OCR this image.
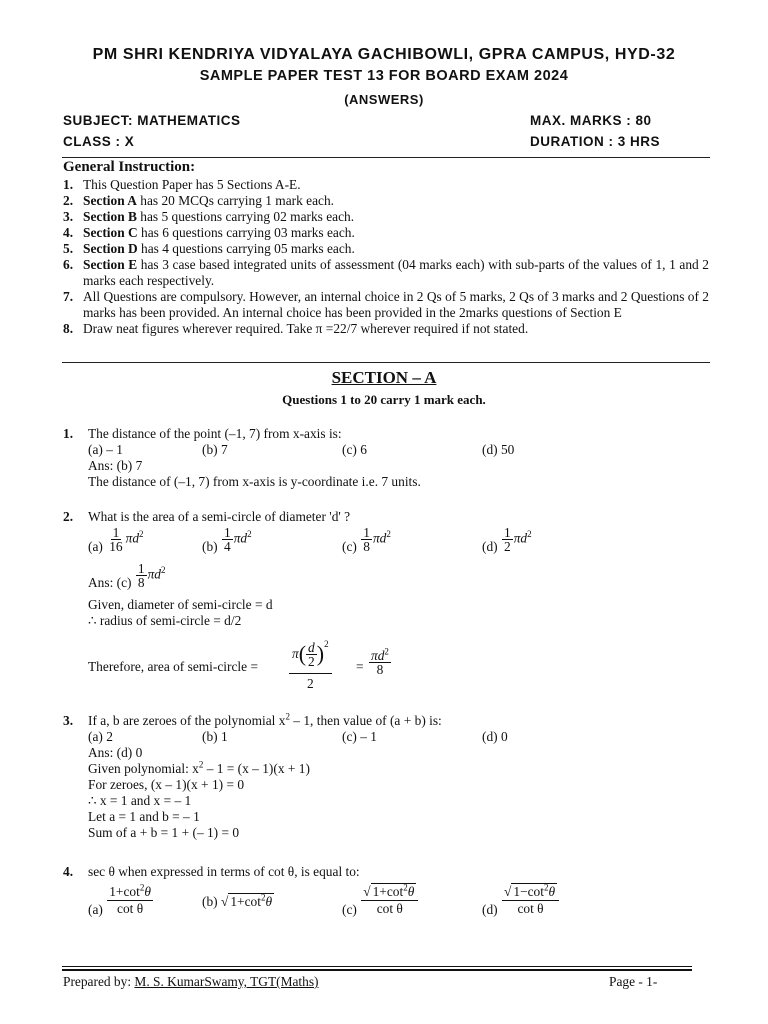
PM SHRI KENDRIYA VIDYALAYA GACHIBOWLI, GPRA CAMPUS, HYD-32
SAMPLE PAPER TEST 13 FOR BOARD EXAM 2024
(ANSWERS)
SUBJECT: MATHEMATICS	MAX. MARKS : 80
CLASS : X	DURATION : 3 HRS
General Instruction:
1. This Question Paper has 5 Sections A-E.
2. Section A has 20 MCQs carrying 1 mark each.
3. Section B has 5 questions carrying 02 marks each.
4. Section C has 6 questions carrying 03 marks each.
5. Section D has 4 questions carrying 05 marks each.
6. Section E has 3 case based integrated units of assessment (04 marks each) with sub-parts of the values of 1, 1 and 2 marks each respectively.
7. All Questions are compulsory. However, an internal choice in 2 Qs of 5 marks, 2 Qs of 3 marks and 2 Questions of 2 marks has been provided. An internal choice has been provided in the 2marks questions of Section E
8. Draw neat figures wherever required. Take π =22/7 wherever required if not stated.
SECTION – A
Questions 1 to 20 carry 1 mark each.
1. The distance of the point (–1, 7) from x-axis is:
(a) – 1	(b) 7	(c) 6	(d) 50
Ans: (b) 7
The distance of (–1, 7) from x-axis is y-coordinate i.e. 7 units.
2. What is the area of a semi-circle of diameter 'd' ?
$(a) \frac{1}{16} \pi d^2$
$(b) \frac{1}{4} \pi d^2$
$(c) \frac{1}{8} \pi d^2$
$(d) \frac{1}{2} \pi d^2$
Ans: $(c) \frac{1}{8} \pi d^2$
Given, diameter of semi-circle = d
∴ radius of semi-circle = d/2
Therefore, area of semi-circle =
π ( $\frac{d}{2} )^2$
2
= $\frac{\pi d^2}{8}$
3. If a, b are zeroes of the polynomial $x^2 - 1$, then value of (a + b) is:
(a) 2	(b) 1	(c) – 1	(d) 0
Ans: (d) 0
Given polynomial: $x^2 - 1 = (x - 1)(x + 1)$
For zeroes, (x – 1)(x + 1) = 0
∴ x = 1 and x = – 1
Let a = 1 and b = – 1
Sum of a + b = 1 + (– 1) = 0
4. sec θ when expressed in terms of cot θ, is equal to:
$(a) \frac{1+\cot^2\theta}{\text{cot θ}}$	(b) √ $1+\cot^2\theta$
$(c) \frac{√ 1+\cot^2\theta}{\text{cot θ}}$	$(d) \frac{√ 1-\cot^2\theta}{\text{cot θ}}$
Prepared by: M. S. KumarSwamy, TGT(Maths)	Page - 1-
